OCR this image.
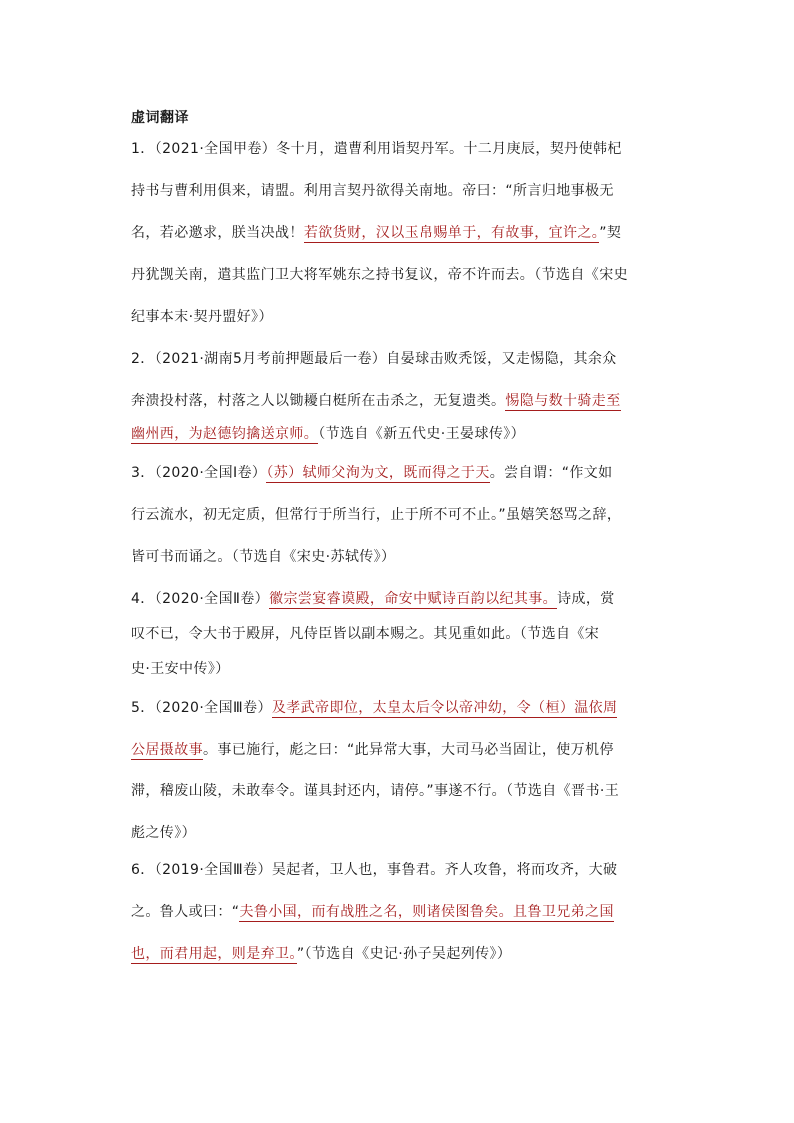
虚词翻译
1．（2021·全国甲卷）冬十月，遣曹利用诣契丹军。十二月庚辰，契丹使韩杞
持书与曹利用俱来，请盟。利用言契丹欲得关南地。帝曰：“所言归地事极无
名，若必邀求，朕当决战！若欲货财，汉以玉帛赐单于，有故事，宜许之。”契
丹犹觊关南，遣其监门卫大将军姚东之持书复议，帝不许而去。（节选自《宋史
纪事本末·契丹盟好》）
2．（2021·湖南5月考前押题最后一卷）自晏球击败秃馁，又走惕隐，其余众
奔溃投村落，村落之人以锄耰白梃所在击杀之，无复遗类。惕隐与数十骑走至
幽州西，为赵德钧擒送京师。（节选自《新五代史·王晏球传》）
3．（2020·全国Ⅰ卷）（苏）轼师父洵为文，既而得之于天。尝自谓：“作文如
行云流水，初无定质，但常行于所当行，止于所不可不止。”虽嬉笑怒骂之辞，
皆可书而诵之。（节选自《宋史·苏轼传》）
4．（2020·全国Ⅱ卷）徽宗尝宴睿谟殿，命安中赋诗百韵以纪其事。诗成，赏
叹不已，令大书于殿屏，凡侍臣皆以副本赐之。其见重如此。（节选自《宋
史·王安中传》）
5．（2020·全国Ⅲ卷）及孝武帝即位，太皇太后令以帝冲幼，令（桓）温依周
公居摄故事。事已施行，彪之曰：“此异常大事，大司马必当固让，使万机停
滞，稽废山陵，未敢奉令。谨具封还内，请停。”事遂不行。（节选自《晋书·王
彪之传》）
6．（2019·全国Ⅲ卷）吴起者，卫人也，事鲁君。齐人攻鲁，将而攻齐，大破
之。鲁人或曰：“夫鲁小国，而有战胜之名，则诸侯图鲁矣。且鲁卫兄弟之国
也，而君用起，则是弃卫。”（节选自《史记·孙子吴起列传》）
